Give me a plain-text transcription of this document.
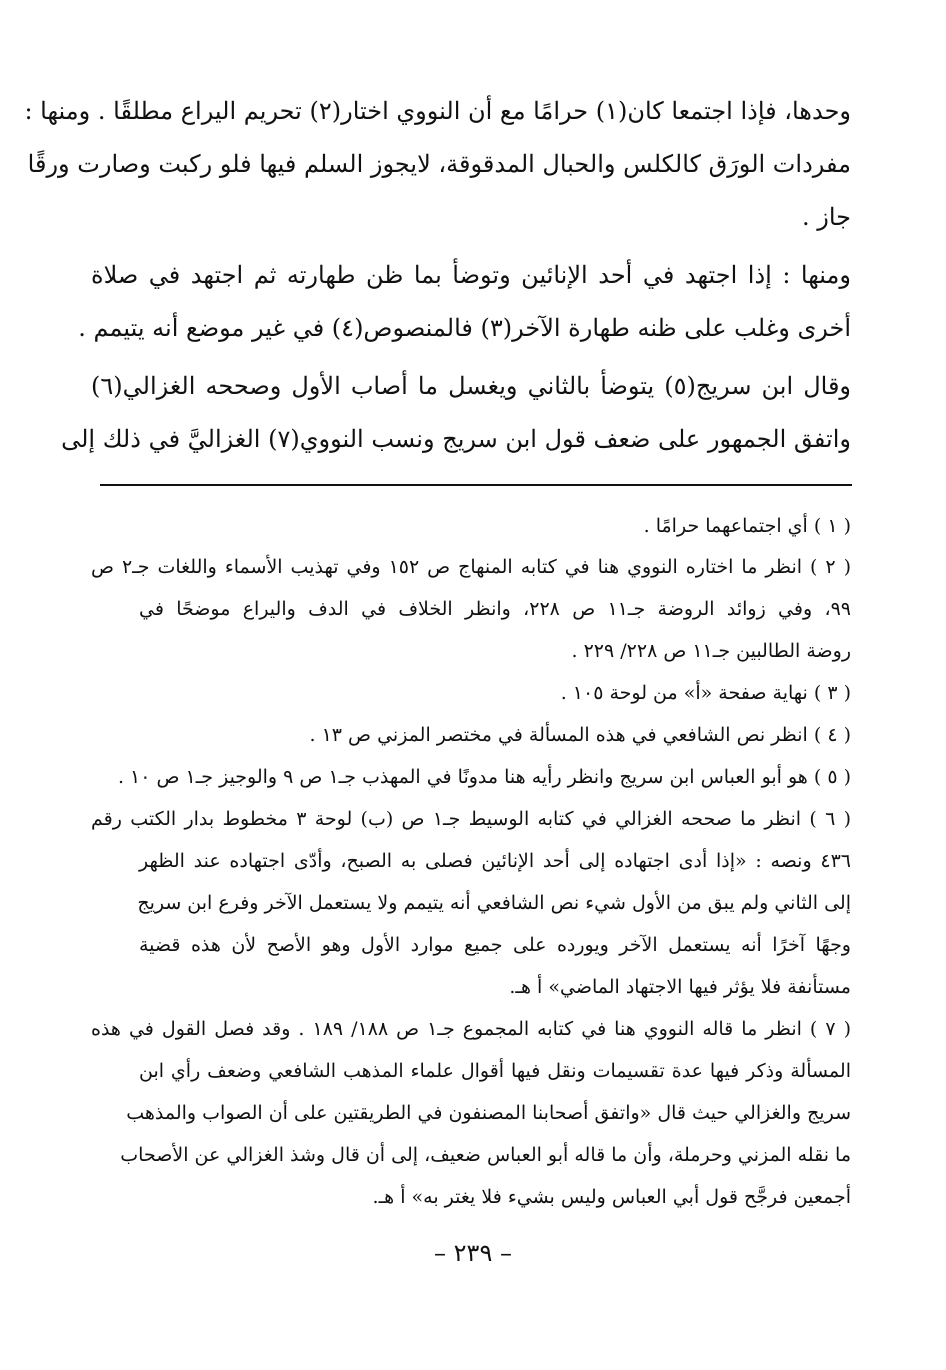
وحدها، فإذا اجتمعا كان(١) حرامًا مع أن النووي اختار(٢) تحريم اليراع مطلقًا . ومنها :
مفردات الورَق كالكلس والحبال المدقوقة، لايجوز السلم فيها فلو ركبت وصارت ورقًا
جاز .
ومنها : إذا اجتهد في أحد الإنائين وتوضأ بما ظن طهارته ثم اجتهد في صلاة
أخرى وغلب على ظنه طهارة الآخر(٣) فالمنصوص(٤) في غير موضع أنه يتيمم .
وقال ابن سريج(٥) يتوضأ بالثاني ويغسل ما أصاب الأول وصححه الغزالي(٦)
واتفق الجمهور على ضعف قول ابن سريج ونسب النووي(٧) الغزاليَّ في ذلك إلى
( ١ ) أي اجتماعهما حرامًا .
( ٢ ) انظر ما اختاره النووي هنا في كتابه المنهاج ص ١٥٢ وفي تهذيب الأسماء واللغات جـ٢ ص
٩٩، وفي زوائد الروضة جـ١١ ص ٢٢٨، وانظر الخلاف في الدف واليراع موضحًا في
روضة الطالبين جـ١١ ص ٢٢٨/ ٢٢٩ .
( ٣ ) نهاية صفحة «أ» من لوحة ١٠٥ .
( ٤ ) انظر نص الشافعي في هذه المسألة في مختصر المزني ص ١٣ .
( ٥ ) هو أبو العباس ابن سريج وانظر رأيه هنا مدونًا في المهذب جـ١ ص ٩ والوجيز جـ١ ص ١٠ .
( ٦ ) انظر ما صححه الغزالي في كتابه الوسيط جـ١ ص (ب) لوحة ٣ مخطوط بدار الكتب رقم
٤٣٦ ونصه : «إذا أدى اجتهاده إلى أحد الإنائين فصلى به الصبح، وأدّى اجتهاده عند الظهر
إلى الثاني ولم يبق من الأول شيء نص الشافعي أنه يتيمم ولا يستعمل الآخر وفرع ابن سريج
وجهًا آخرًا أنه يستعمل الآخر ويورده على جميع موارد الأول وهو الأصح لأن هذه قضية
مستأنفة فلا يؤثر فيها الاجتهاد الماضي» أ هـ.
( ٧ ) انظر ما قاله النووي هنا في كتابه المجموع جـ١ ص ١٨٨/ ١٨٩ . وقد فصل القول في هذه
المسألة وذكر فيها عدة تقسيمات ونقل فيها أقوال علماء المذهب الشافعي وضعف رأي ابن
سريج والغزالي حيث قال «واتفق أصحابنا المصنفون في الطريقتين على أن الصواب والمذهب
ما نقله المزني وحرملة، وأن ما قاله أبو العباس ضعيف، إلى أن قال وشذ الغزالي عن الأصحاب
أجمعين فرجَّح قول أبي العباس وليس بشيء فلا يغتر به» أ هـ.
– ٢٣٩ –
